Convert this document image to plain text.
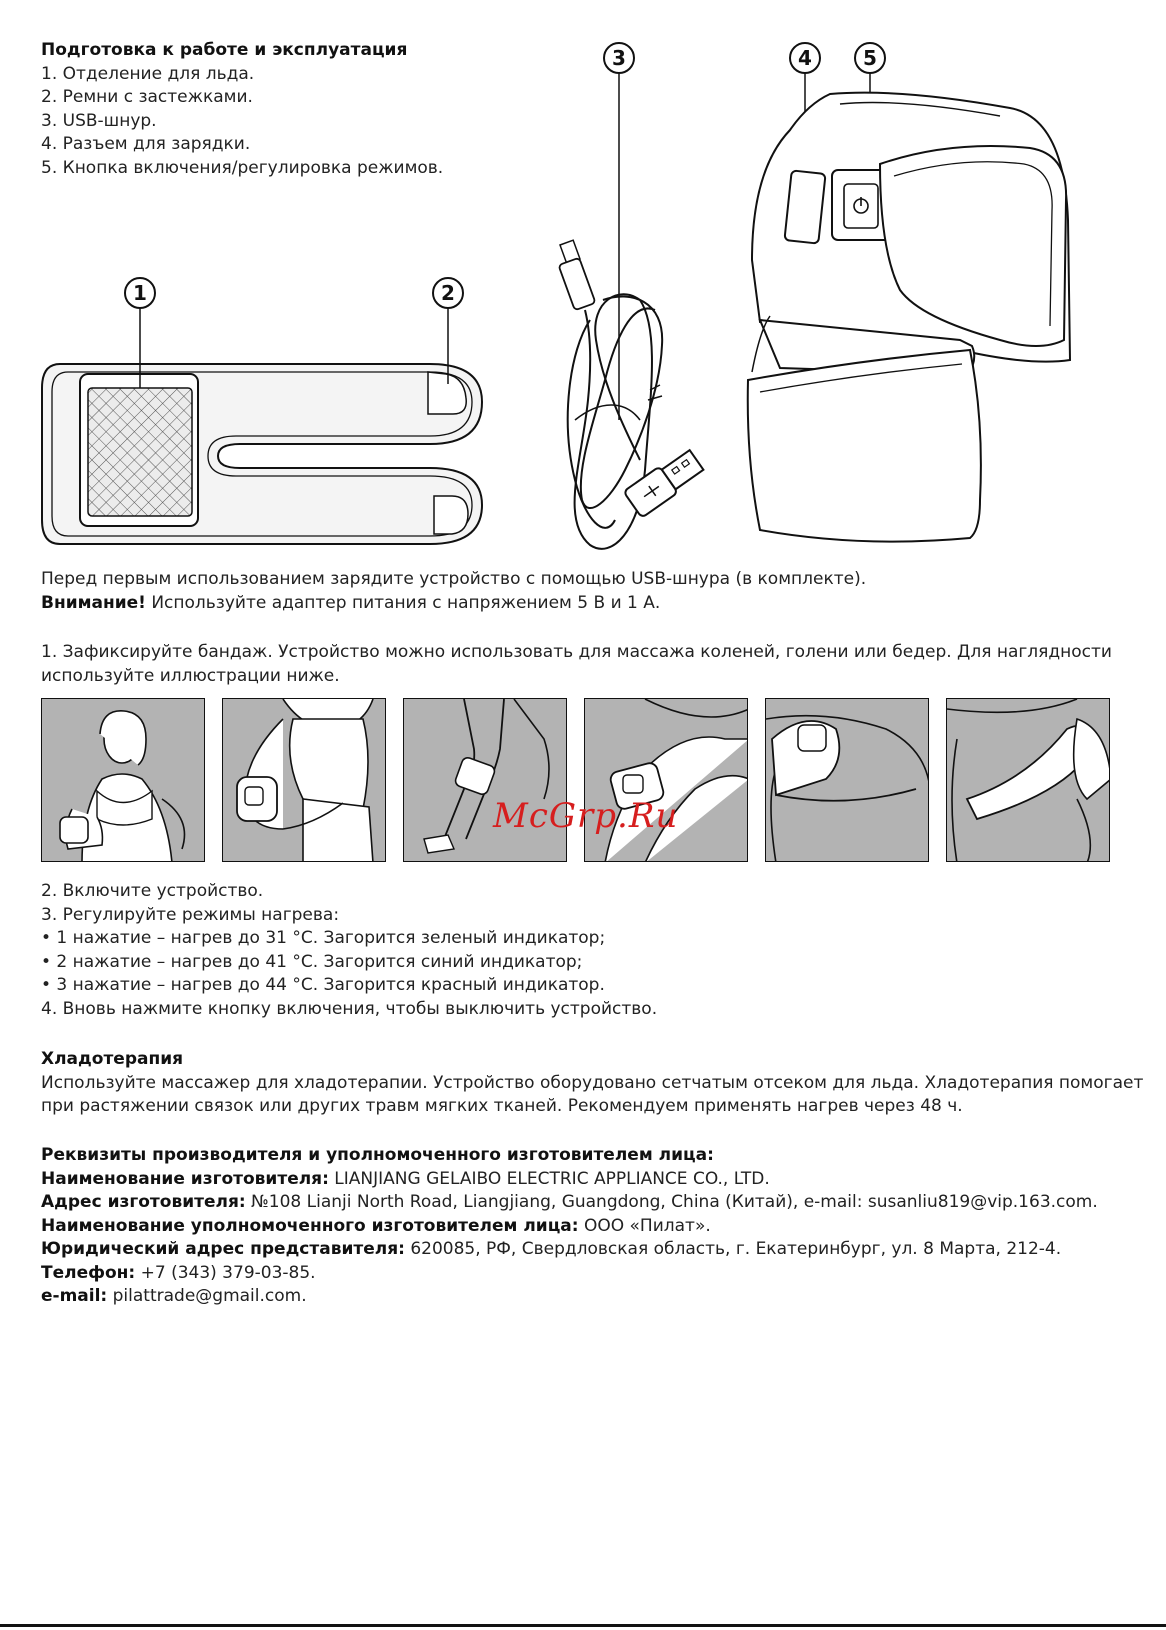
Подготовка к работе и эксплуатация
1. Отделение для льда.
2. Ремни с застежками.
3. USB-шнур.
4. Разъем для зарядки.
5. Кнопка включения/регулировка режимов.
1	2
3	4	5
Перед первым использованием зарядите устройство с помощью USB-шнура (в комплекте).
Внимание! Используйте адаптер питания с напряжением 5 В и 1 А.
1. Зафиксируйте бандаж. Устройство можно использовать для массажа коленей, голени или бедер. Для наглядности
используйте иллюстрации ниже.
McGrp.Ru
2. Включите устройство.
3. Регулируйте режимы нагрева:
• 1 нажатие – нагрев до 31 °C. Загорится зеленый индикатор;
• 2 нажатие – нагрев до 41 °C. Загорится синий индикатор;
• 3 нажатие – нагрев до 44 °C. Загорится красный индикатор.
4. Вновь нажмите кнопку включения, чтобы выключить устройство.
Хладотерапия
Используйте массажер для хладотерапии. Устройство оборудовано сетчатым отсеком для льда. Хладотерапия помогает
при растяжении связок или других травм мягких тканей. Рекомендуем применять нагрев через 48 ч.
Реквизиты производителя и уполномоченного изготовителем лица:
Наименование изготовителя: LIANJIANG GELAIBO ELECTRIC APPLIANCE CO., LTD.
Адрес изготовителя: №108 Lianji North Road, Liangjiang, Guangdong, China (Китай), e-mail: susanliu819@vip.163.com.
Наименование уполномоченного изготовителем лица: ООО «Пилат».
Юридический адрес представителя: 620085, РФ, Свердловская область, г. Екатеринбург, ул. 8 Марта, 212-4.
Телефон: +7 (343) 379-03-85.
e-mail: pilattrade@gmail.com.
